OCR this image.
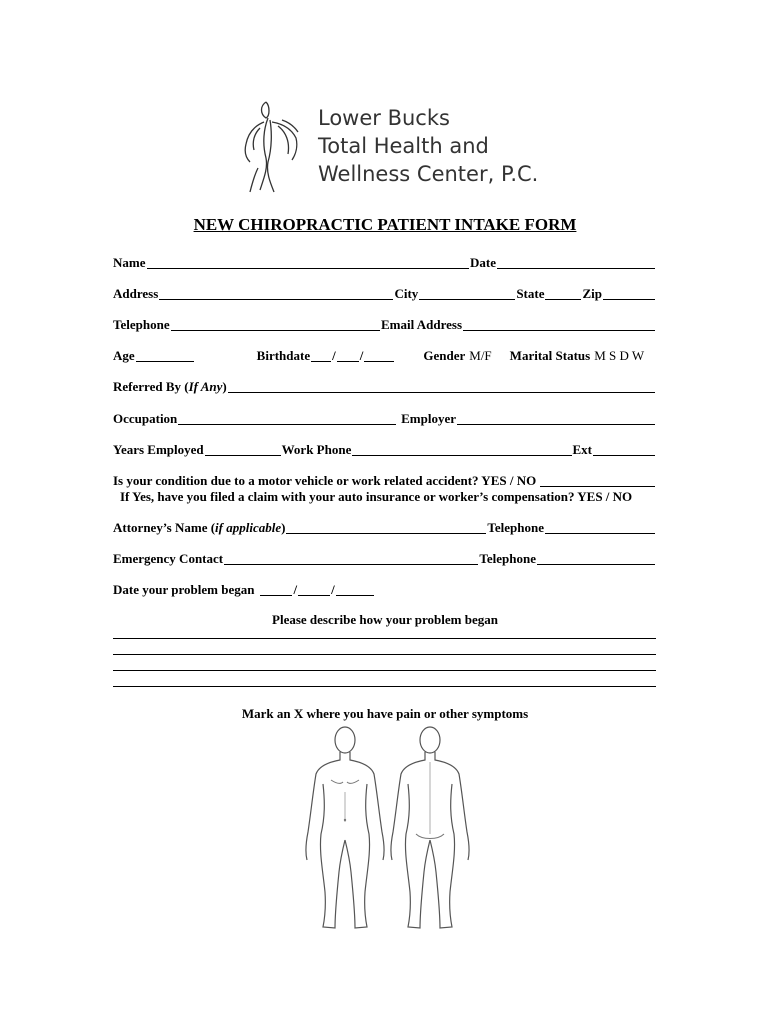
Lower Bucks
Total Health and
Wellness Center, P.C.
NEW CHIROPRACTIC PATIENT INTAKE FORM
Name	Date
Address	City	State	Zip
Telephone	Email Address
Age	Birthdate / /	Gender M/F Marital Status M S D W
Referred By ( If Any )
Occupation	Employer
Years Employed	Work Phone	Ext
Is your condition due to a motor vehicle or work related accident? YES / NO
If Yes, have you filed a claim with your auto insurance or worker’s compensation? YES / NO
Attorney’s Name ( if applicable )	Telephone
Emergency Contact	Telephone
Date your problem began	/	/
Please describe how your problem began
Mark an X where you have pain or other symptoms
